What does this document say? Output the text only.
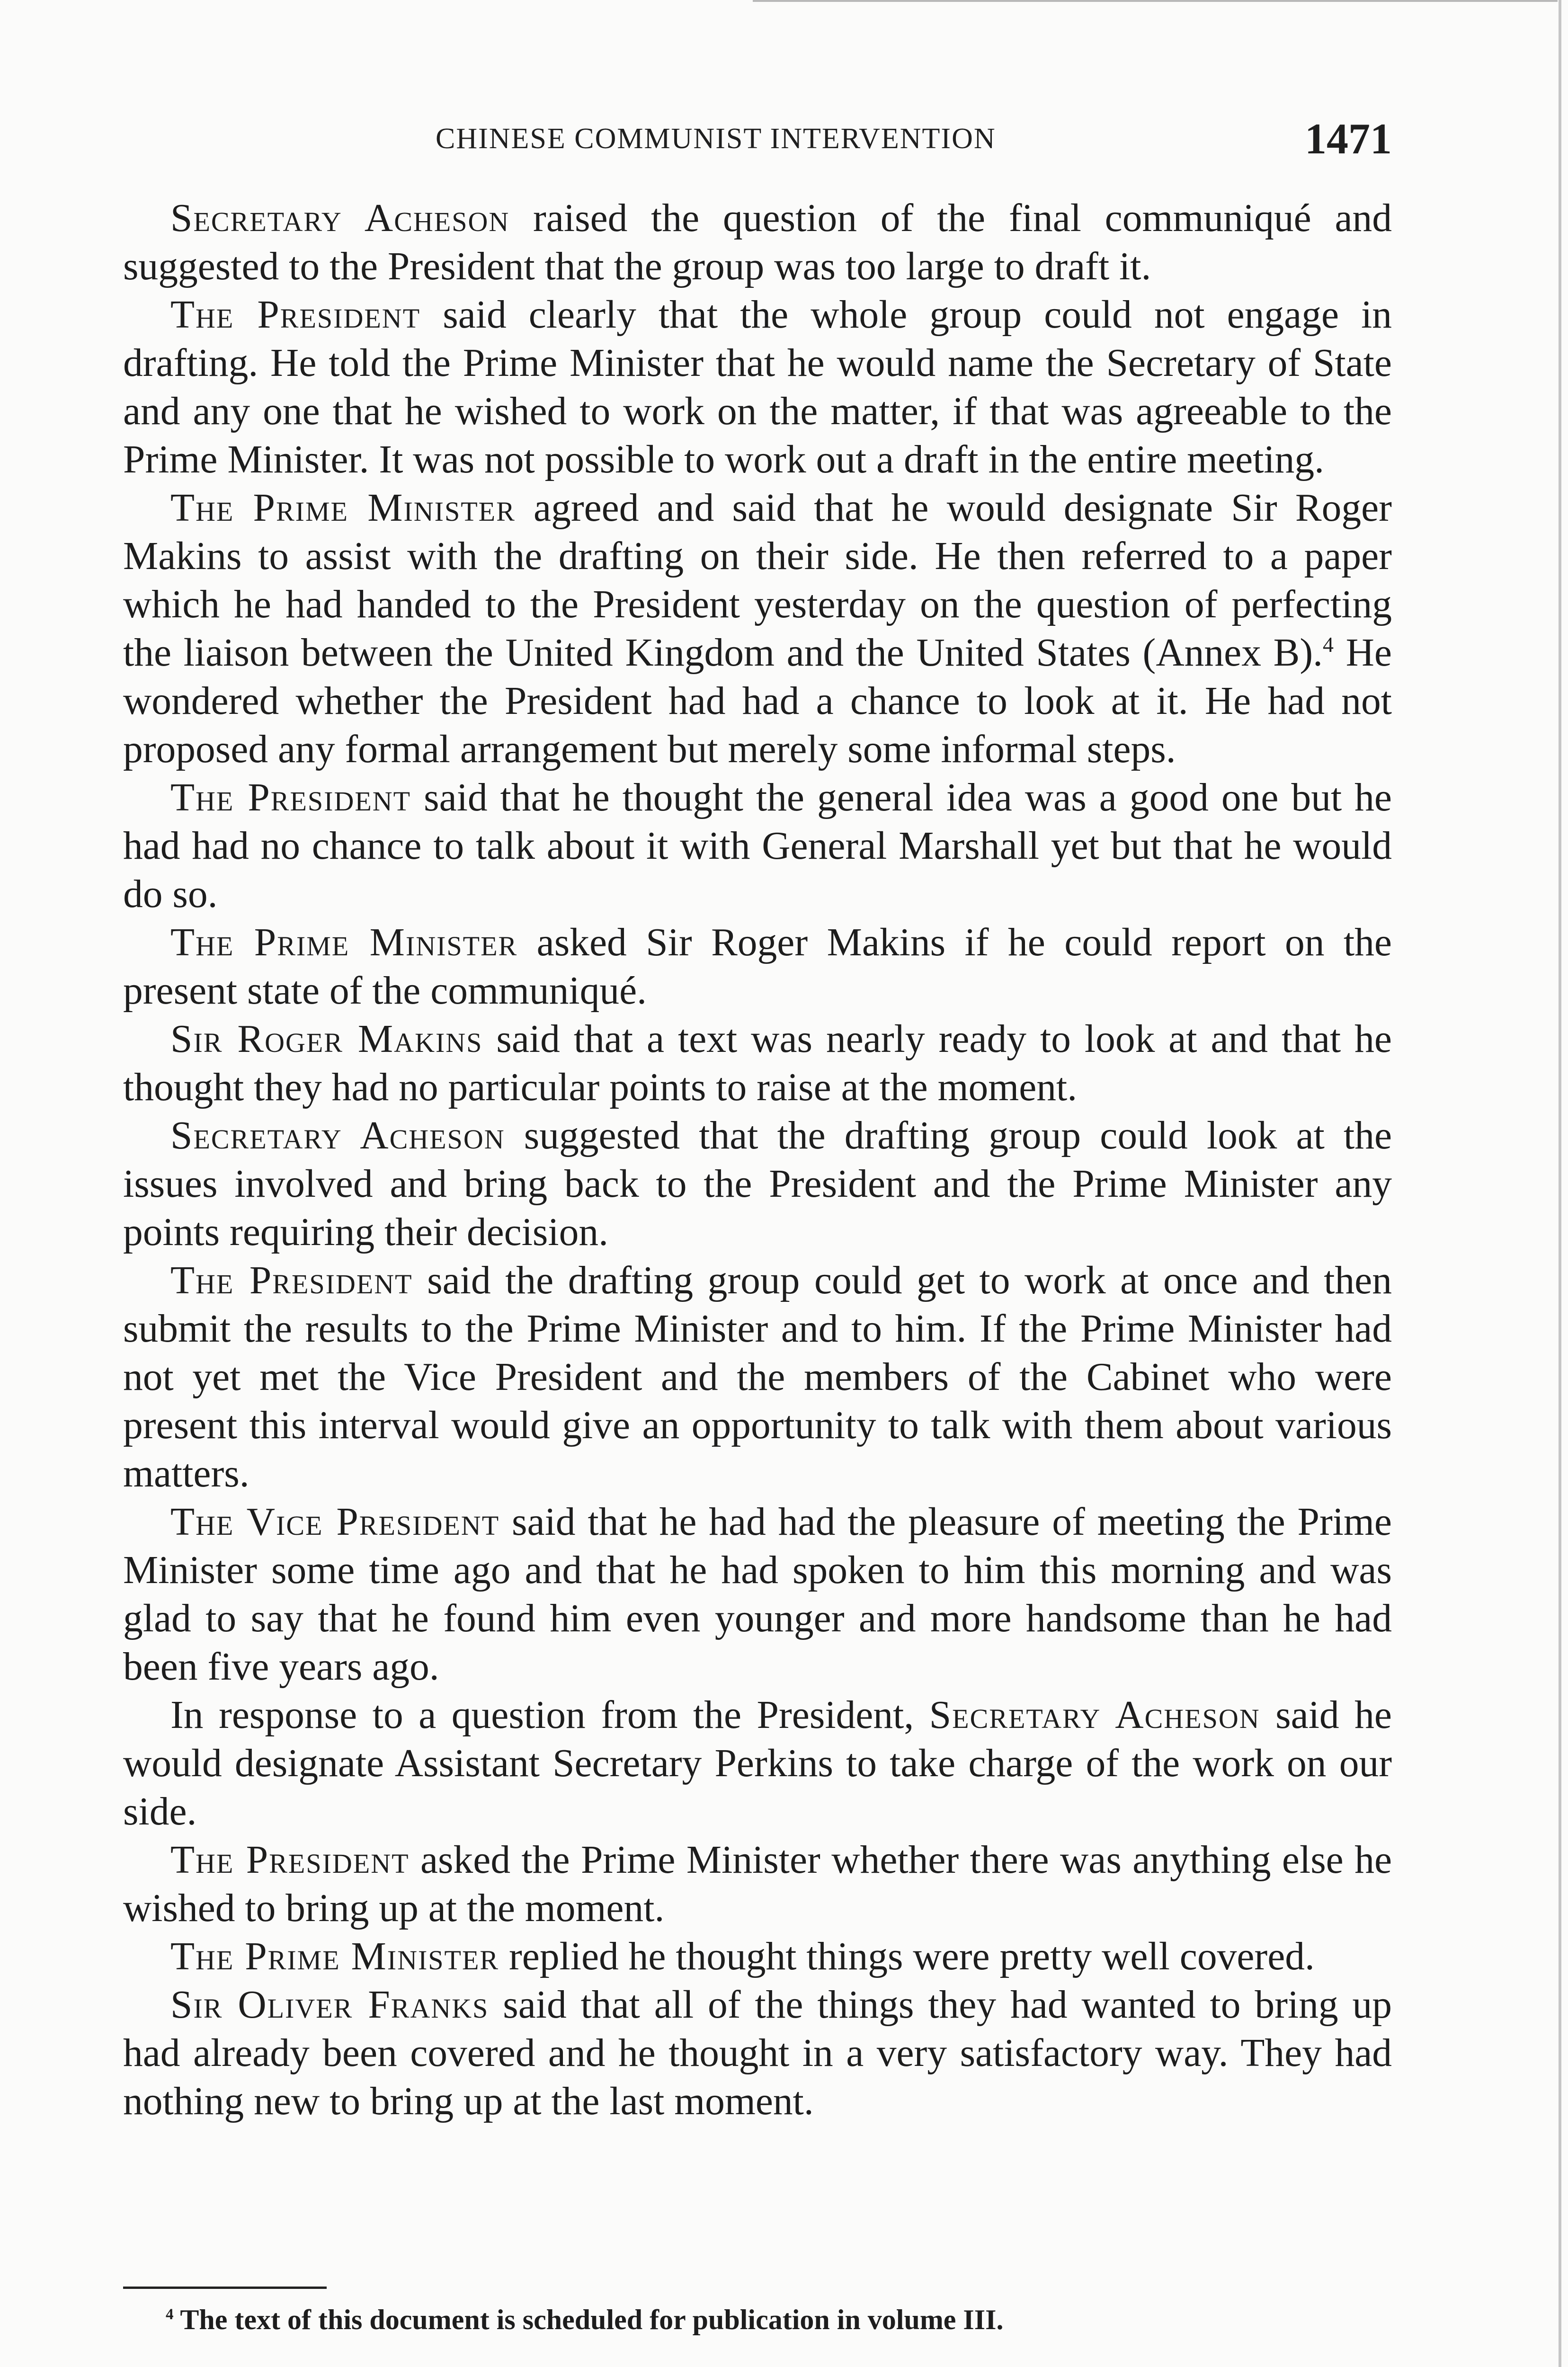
CHINESE COMMUNIST INTERVENTION	1471

Secretary Acheson raised the question of the final communiqué and suggested to the President that the group was too large to draft it.

The President said clearly that the whole group could not engage in drafting. He told the Prime Minister that he would name the Secretary of State and any one that he wished to work on the matter, if that was agreeable to the Prime Minister. It was not possible to work out a draft in the entire meeting.

The Prime Minister agreed and said that he would designate Sir Roger Makins to assist with the drafting on their side. He then referred to a paper which he had handed to the President yesterday on the question of perfecting the liaison between the United Kingdom and the United States (Annex B).$^4$ He wondered whether the President had had a chance to look at it. He had not proposed any formal arrangement but merely some informal steps.

The President said that he thought the general idea was a good one but he had had no chance to talk about it with General Marshall yet but that he would do so.

The Prime Minister asked Sir Roger Makins if he could report on the present state of the communiqué.

Sir Roger Makins said that a text was nearly ready to look at and that he thought they had no particular points to raise at the moment.

Secretary Acheson suggested that the drafting group could look at the issues involved and bring back to the President and the Prime Minister any points requiring their decision.

The President said the drafting group could get to work at once and then submit the results to the Prime Minister and to him. If the Prime Minister had not yet met the Vice President and the members of the Cabinet who were present this interval would give an opportunity to talk with them about various matters.

The Vice President said that he had had the pleasure of meeting the Prime Minister some time ago and that he had spoken to him this morning and was glad to say that he found him even younger and more handsome than he had been five years ago.

In response to a question from the President, Secretary Acheson said he would designate Assistant Secretary Perkins to take charge of the work on our side.

The President asked the Prime Minister whether there was anything else he wished to bring up at the moment.

The Prime Minister replied he thought things were pretty well covered.

Sir Oliver Franks said that all of the things they had wanted to bring up had already been covered and he thought in a very satisfactory way. They had nothing new to bring up at the last moment.

$^4$ The text of this document is scheduled for publication in volume III.
